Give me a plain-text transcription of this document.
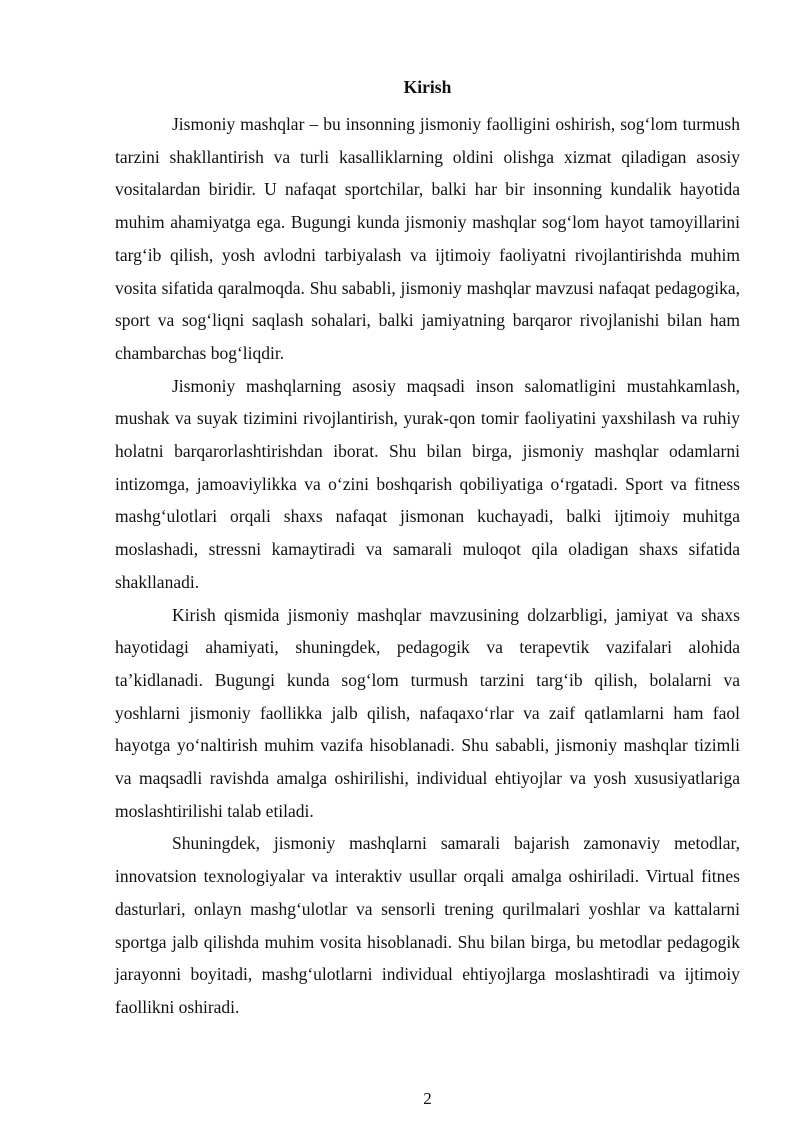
Kirish

Jismoniy mashqlar – bu insonning jismoniy faolligini oshirish, sog‘lom turmush tarzini shakllantirish va turli kasalliklarning oldini olishga xizmat qiladigan asosiy vositalardan biridir. U nafaqat sportchilar, balki har bir insonning kundalik hayotida muhim ahamiyatga ega. Bugungi kunda jismoniy mashqlar sog‘lom hayot tamoyillarini targ‘ib qilish, yosh avlodni tarbiyalash va ijtimoiy faoliyatni rivojlantirishda muhim vosita sifatida qaralmoqda. Shu sababli, jismoniy mashqlar mavzusi nafaqat pedagogika, sport va sog‘liqni saqlash sohalari, balki jamiyatning barqaror rivojlanishi bilan ham chambarchas bog‘liqdir.

Jismoniy mashqlarning asosiy maqsadi inson salomatligini mustahkamlash, mushak va suyak tizimini rivojlantirish, yurak-qon tomir faoliyatini yaxshilash va ruhiy holatni barqarorlashtirishdan iborat. Shu bilan birga, jismoniy mashqlar odamlarni intizomga, jamoaviylikka va o‘zini boshqarish qobiliyatiga o‘rgatadi. Sport va fitness mashg‘ulotlari orqali shaxs nafaqat jismonan kuchayadi, balki ijtimoiy muhitga moslashadi, stressni kamaytiradi va samarali muloqot qila oladigan shaxs sifatida shakllanadi.

Kirish qismida jismoniy mashqlar mavzusining dolzarbligi, jamiyat va shaxs hayotidagi ahamiyati, shuningdek, pedagogik va terapevtik vazifalari alohida ta’kidlanadi. Bugungi kunda sog‘lom turmush tarzini targ‘ib qilish, bolalarni va yoshlarni jismoniy faollikka jalb qilish, nafaqaxo‘rlar va zaif qatlamlarni ham faol hayotga yo‘naltirish muhim vazifa hisoblanadi. Shu sababli, jismoniy mashqlar tizimli va maqsadli ravishda amalga oshirilishi, individual ehtiyojlar va yosh xususiyatlariga moslashtirilishi talab etiladi.

Shuningdek, jismoniy mashqlarni samarali bajarish zamonaviy metodlar, innovatsion texnologiyalar va interaktiv usullar orqali amalga oshiriladi. Virtual fitnes dasturlari, onlayn mashg‘ulotlar va sensorli trening qurilmalari yoshlar va kattalarni sportga jalb qilishda muhim vosita hisoblanadi. Shu bilan birga, bu metodlar pedagogik jarayonni boyitadi, mashg‘ulotlarni individual ehtiyojlarga moslashtiradi va ijtimoiy faollikni oshiradi.

2
